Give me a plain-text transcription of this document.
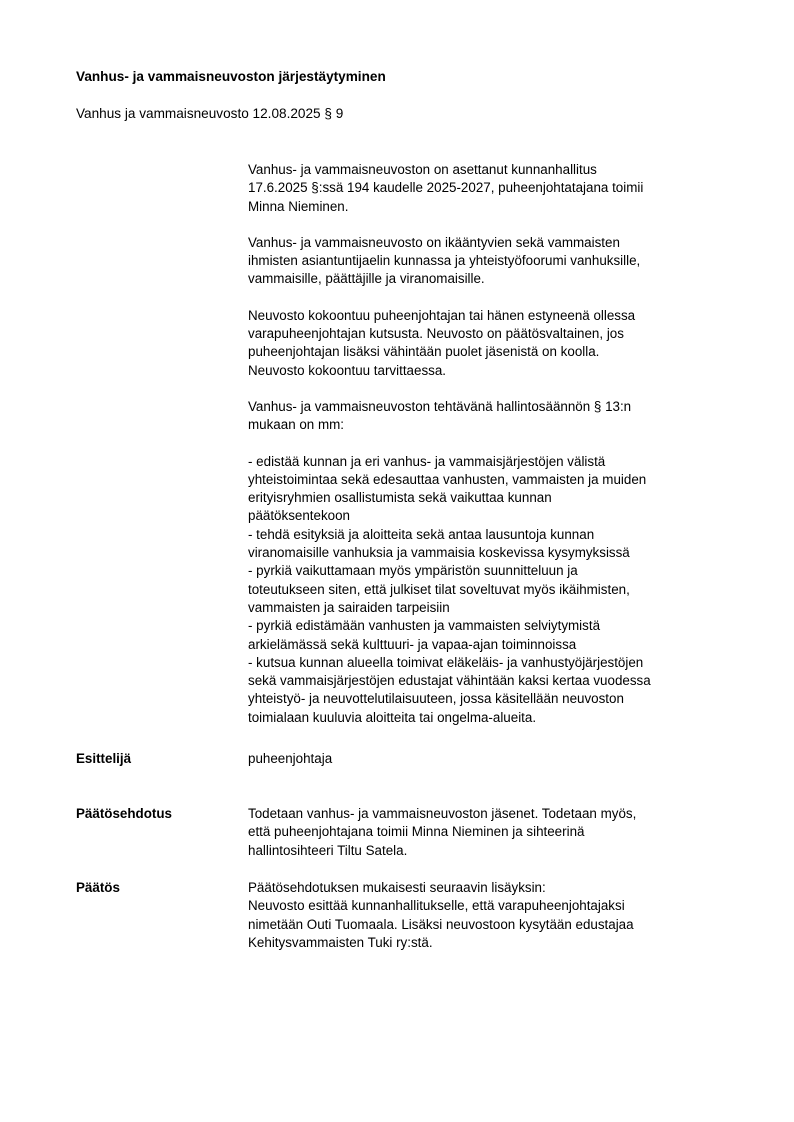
Vanhus- ja vammaisneuvoston järjestäytyminen
Vanhus ja vammaisneuvosto 12.08.2025 § 9

Vanhus- ja vammaisneuvoston on asettanut kunnanhallitus
17.6.2025 §:ssä 194 kaudelle 2025-2027, puheenjohtatajana toimii
Minna Nieminen.

Vanhus- ja vammaisneuvosto on ikääntyvien sekä vammaisten
ihmisten asiantuntijaelin kunnassa ja yhteistyöfoorumi vanhuksille,
vammaisille, päättäjille ja viranomaisille.

Neuvosto kokoontuu puheenjohtajan tai hänen estyneenä ollessa
varapuheenjohtajan kutsusta. Neuvosto on päätösvaltainen, jos
puheenjohtajan lisäksi vähintään puolet jäsenistä on koolla.
Neuvosto kokoontuu tarvittaessa.

Vanhus- ja vammaisneuvoston tehtävänä hallintosäännön § 13:n
mukaan on mm:

- edistää kunnan ja eri vanhus- ja vammaisjärjestöjen välistä
yhteistoimintaa sekä edesauttaa vanhusten, vammaisten ja muiden
erityisryhmien osallistumista sekä vaikuttaa kunnan
päätöksentekoon

- tehdä esityksiä ja aloitteita sekä antaa lausuntoja kunnan
viranomaisille vanhuksia ja vammaisia koskevissa kysymyksissä

- pyrkiä vaikuttamaan myös ympäristön suunnitteluun ja
toteutukseen siten, että julkiset tilat soveltuvat myös ikäihmisten,
vammaisten ja sairaiden tarpeisiin

- pyrkiä edistämään vanhusten ja vammaisten selviytymistä
arkielämässä sekä kulttuuri- ja vapaa-ajan toiminnoissa

- kutsua kunnan alueella toimivat eläkeläis- ja vanhustyöjärjestöjen
sekä vammaisjärjestöjen edustajat vähintään kaksi kertaa vuodessa
yhteistyö- ja neuvottelutilaisuuteen, jossa käsitellään neuvoston
toimialaan kuuluvia aloitteita tai ongelma-alueita.

Esittelijä	puheenjohtaja
Päätösehdotus	Todetaan vanhus- ja vammaisneuvoston jäsenet. Todetaan myös,
että puheenjohtajana toimii Minna Nieminen ja sihteerinä
hallintosihteeri Tiltu Satela.
Päätös	Päätösehdotuksen mukaisesti seuraavin lisäyksin:
Neuvosto esittää kunnanhallitukselle, että varapuheenjohtajaksi
nimetään Outi Tuomaala. Lisäksi neuvostoon kysytään edustajaa
Kehitysvammaisten Tuki ry:stä.
